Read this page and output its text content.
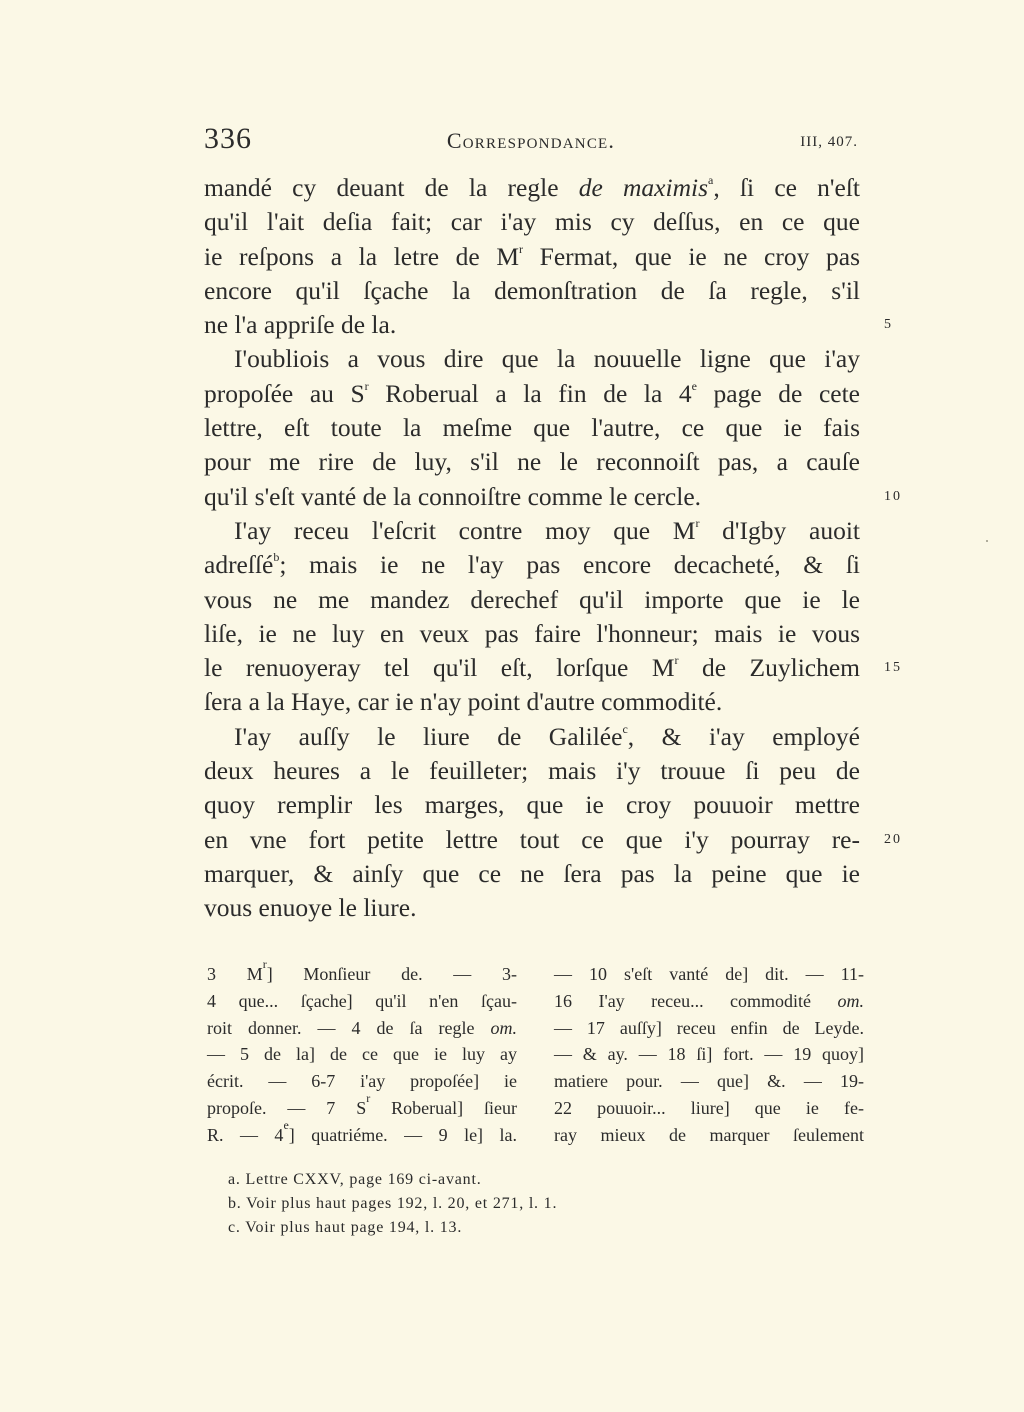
336	Correspondance.	III, 407.
mandé cy deuant de la regle de maximis$^a$, ſi ce n'eſt
qu'il l'ait deſia fait; car i'ay mis cy deſſus, en ce que
ie reſpons a la letre de $M^r$ Fermat, que ie ne croy pas
encore qu'il ſçache la demonſtration de ſa regle, s'il
ne l'a appriſe de la.	5
I'oubliois a vous dire que la nouuelle ligne que i'ay
propoſée au $S^r$ Roberual a la fin de la 4e page de cete
lettre, eſt toute la meſme que l'autre, ce que ie fais
pour me rire de luy, s'il ne le reconnoiſt pas, a cauſe
qu'il s'eſt vanté de la connoiſtre comme le cercle.	10
I'ay receu l'eſcrit contre moy que $M^r$ d'Igby auoit
adreſſé$^b$; mais ie ne l'ay pas encore decacheté, & ſi
vous ne me mandez derechef qu'il importe que ie le
liſe, ie ne luy en veux pas faire l'honneur; mais ie vous
le renuoyeray tel qu'il eſt, lorſque $M^r$ de Zuylichem 15
ſera a la Haye, car ie n'ay point d'autre commodité.
I'ay auſſy le liure de Galilée$^c$, & i'ay employé
deux heures a le feuilleter; mais i'y trouue ſi peu de
quoy remplir les marges, que ie croy pouuoir mettre
en vne fort petite lettre tout ce que i'y pourray re- 20
marquer, & ainſy que ce ne ſera pas la peine que ie
vous enuoye le liure.
3 $M^r$] Monſieur de. — 3-
4 que... ſçache] qu'il n'en ſçau-
roit donner. — 4 de ſa regle om.
— 5 de la] de ce que ie luy ay
écrit. — 6-7 i'ay propoſée] ie
propoſe. — 7 $S^r$ Roberual] ſieur
R. — 4e] quatriéme. — 9 le] la.
— 10 s'eſt vanté de] dit. — 11-
16 I'ay receu... commodité om.
— 17 auſſy] receu enfin de Leyde.
— & ay. — 18 ſi] fort. — 19 quoy]
matiere pour. — que] &. — 19-
22 pouuoir... liure] que ie fe-
ray mieux de marquer ſeulement
a. Lettre CXXV, page 169 ci-avant.
b. Voir plus haut pages 192, l. 20, et 271, l. 1.
c. Voir plus haut page 194, l. 13.
